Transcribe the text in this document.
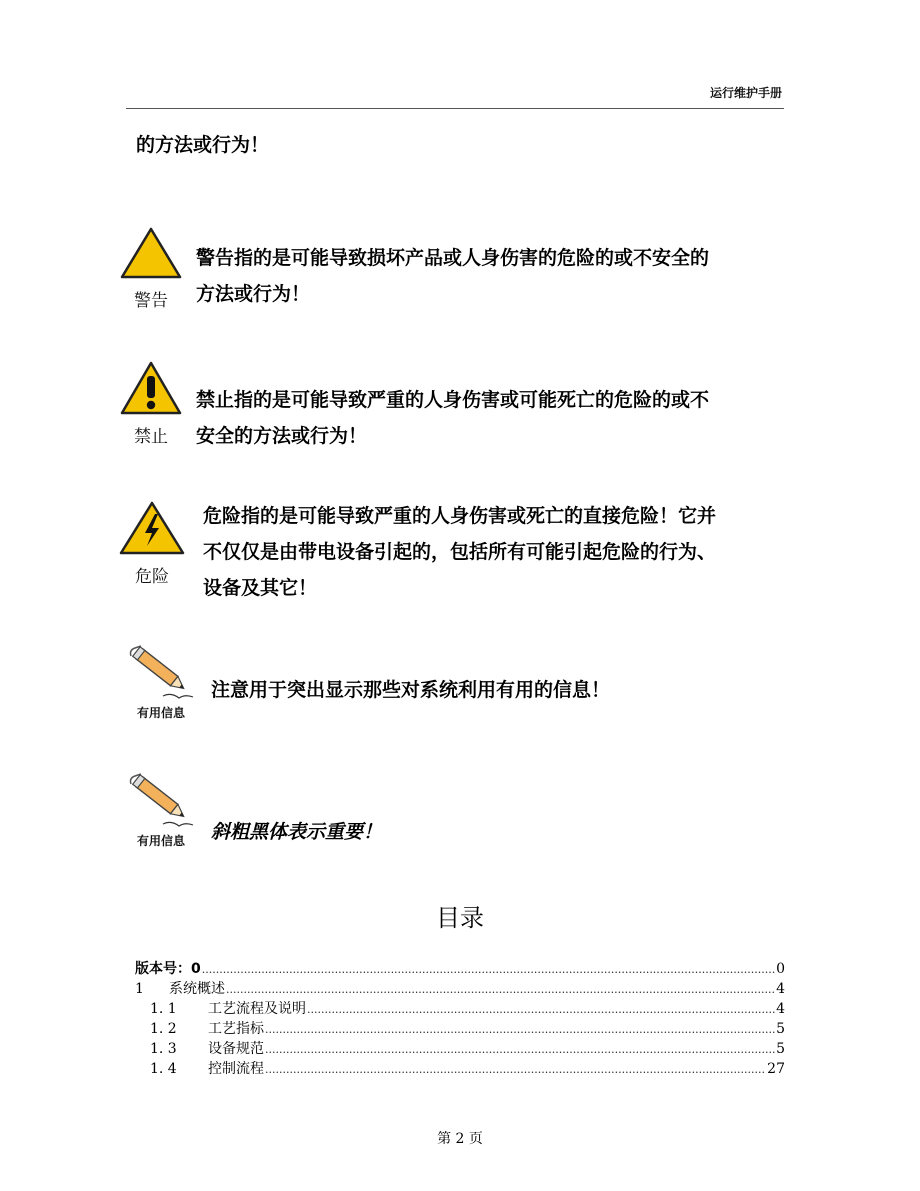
运行维护手册
的方法或行为！
警告
警告指的是可能导致损坏产品或人身伤害的危险的或不安全的
方法或行为！
禁止
禁止指的是可能导致严重的人身伤害或可能死亡的危险的或不
安全的方法或行为！
危险
危险指的是可能导致严重的人身伤害或死亡的直接危险！它并
不仅仅是由带电设备引起的，包括所有可能引起危险的行为、
设备及其它！
有用信息
注意用于突出显示那些对系统利用有用的信息！
有用信息	斜粗黑体表示重要！
目录
版本号：0 .....	0
1	系统概述 .....	4
1. 1	工艺流程及说明 .....	4
1. 2	工艺指标 .....	5
1. 3	设备规范 .....	5
1. 4	控制流程 .....	27
第 2 页
